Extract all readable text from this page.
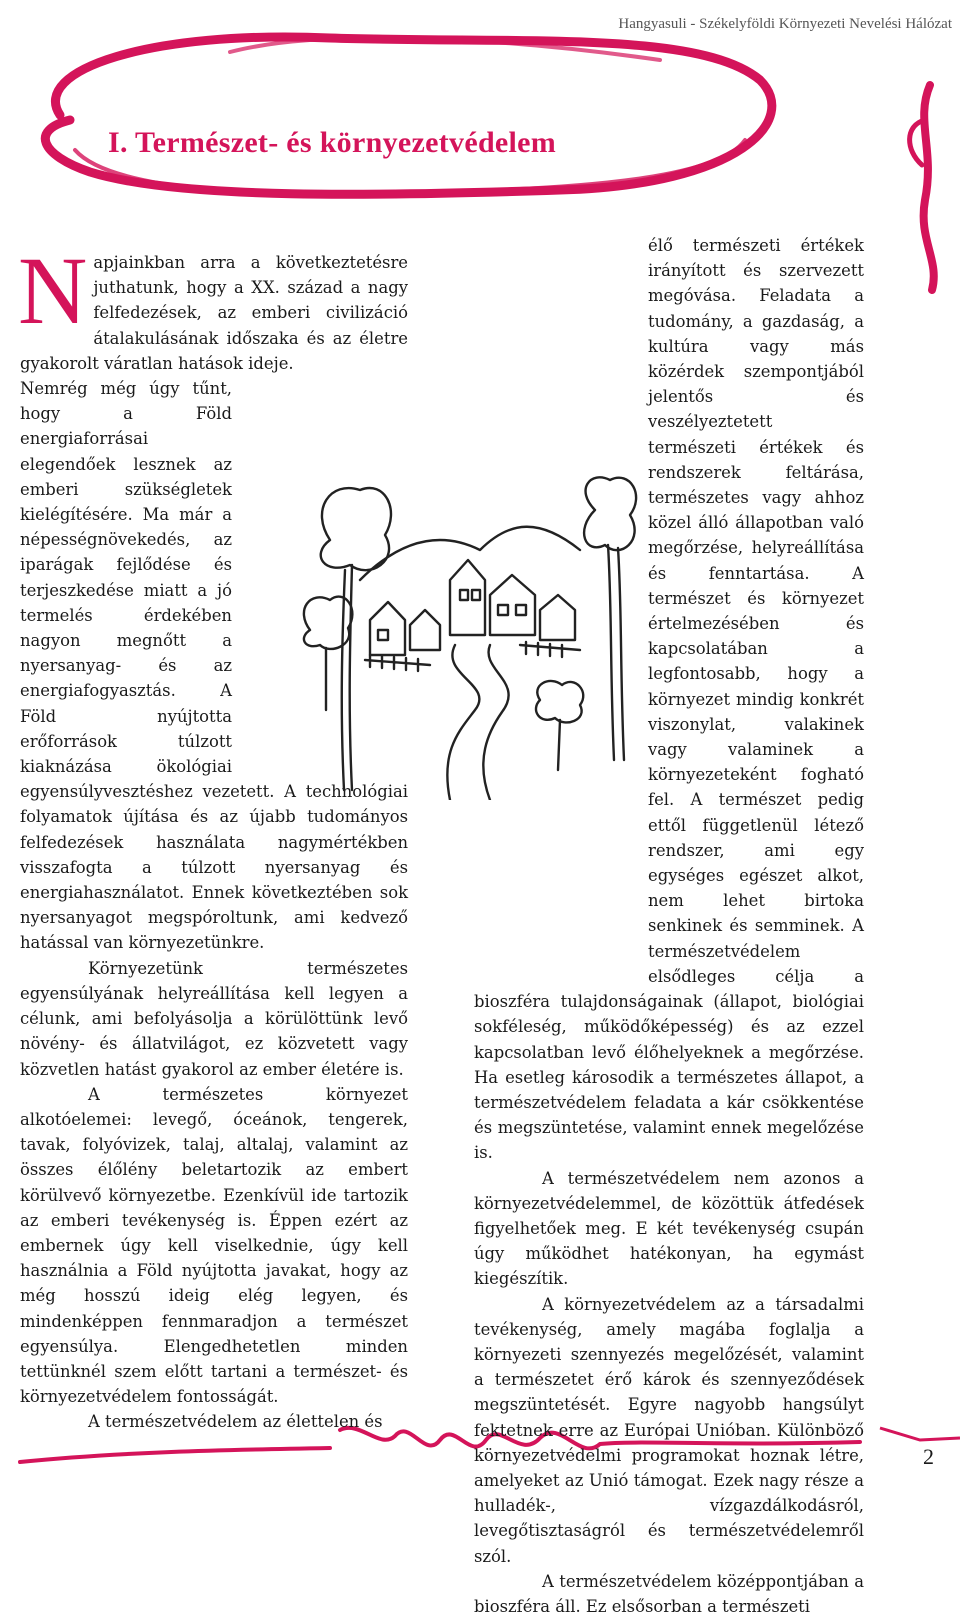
Hangyasuli - Székelyföldi Környezeti Nevelési Hálózat
I. Természet- és környezetvédelem
N apjainkban arra a következtetésre juthatunk, hogy a XX. század a nagy felfedezések, az emberi civilizáció átalakulásának időszaka és az életre gyakorolt váratlan hatások ideje.

Nemrég még úgy tűnt, hogy a Föld energiaforrásai elegendőek lesznek az emberi szükségletek kielégítésére. Ma már a népességnövekedés, az iparágak fejlődése és terjeszkedése miatt a jó termelés érdekében nagyon megnőtt a nyersanyag- és az energiafogyasztás. A Föld nyújtotta erőforrások túlzott kiaknázása ökológiai egyensúlyvesztéshez vezetett. A technológiai folyamatok újítása és az újabb tudományos felfedezések használata nagymértékben visszafogta a túlzott nyersanyag és energiahasználatot. Ennek következtében sok nyersanyagot megspóroltunk, ami kedvező hatással van környezetünkre.

Környezetünk természetes egyensúlyának helyreállítása kell legyen a célunk, ami befolyásolja a körülöttünk levő növény- és állatvilágot, ez közvetett vagy közvetlen hatást gyakorol az ember életére is.

A természetes környezet alkotóelemei: levegő, óceánok, tengerek, tavak, folyóvizek, talaj, altalaj, valamint az összes élőlény beletartozik az embert körülvevő környezetbe. Ezenkívül ide tartozik az emberi tevékenység is. Éppen ezért az embernek úgy kell viselkednie, úgy kell használnia a Föld nyújtotta javakat, hogy az még hosszú ideig elég legyen, és mindenképpen fennmaradjon a természet egyensúlya. Elengedhetetlen minden tettünknél szem előtt tartani a természet- és környezetvédelem fontosságát.

A természetvédelem az élettelen és

élő természeti értékek irányított és szervezett megóvása. Feladata a tudomány, a gazdaság, a kultúra vagy más közérdek szempontjából jelentős és veszélyeztetett természeti értékek és rendszerek feltárása, természetes vagy ahhoz közel álló állapotban való megőrzése, helyreállítása és fenntartása. A természet és környezet értelmezésében és kapcsolatában a legfontosabb, hogy a környezet mindig konkrét viszonylat, valakinek vagy valaminek a környezeteként fogható fel. A természet pedig ettől függetlenül létező rendszer, ami egy egységes egészet alkot, nem lehet birtoka senkinek és semminek. A természetvédelem elsődleges célja a bioszféra tulajdonságainak (állapot, biológiai sokféleség, működőképesség) és az ezzel kapcsolatban levő élőhelyeknek a megőrzése. Ha esetleg károsodik a természetes állapot, a természetvédelem feladata a kár csökkentése és megszüntetése, valamint ennek megelőzése is.

A természetvédelem nem azonos a környezetvédelemmel, de közöttük átfedések figyelhetőek meg. E két tevékenység csupán úgy működhet hatékonyan, ha egymást kiegészítik.

A környezetvédelem az a társadalmi tevékenység, amely magába foglalja a környezeti szennyezés megelőzését, valamint a természetet érő károk és szennyeződések megszüntetését. Egyre nagyobb hangsúlyt fektetnek erre az Európai Unióban. Különböző környezetvédelmi programokat hoznak létre, amelyeket az Unió támogat. Ezek nagy része a hulladék-, vízgazdálkodásról, levegőtisztaságról és természetvédelemről szól.

A természetvédelem középpontjában a bioszféra áll. Ez elsősorban a természeti

2
